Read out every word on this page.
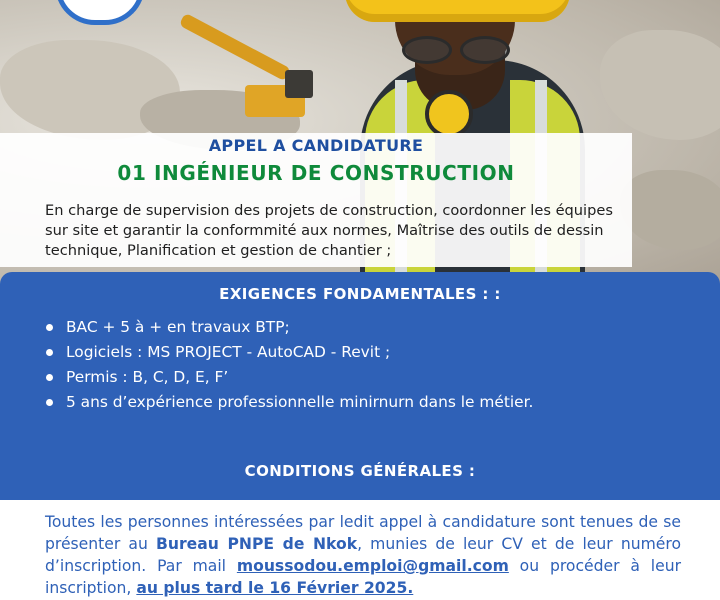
APPEL A CANDIDATURE
01 INGÉNIEUR DE CONSTRUCTION
En charge de supervision des projets de construction, coordonner les équipes sur site et garantir la conformmité aux normes, Maîtrise des outils de dessin technique, Planification et gestion de chantier ;
EXIGENCES FONDAMENTALES : :
BAC + 5 à + en travaux BTP;
Logiciels : MS PROJECT - AutoCAD - Revit ;
Permis : B, C, D, E, F’
5 ans d’expérience professionnelle minirnurn dans le métier.
CONDITIONS GÉNÉRALES :
Toutes les personnes intéressées par ledit appel à candidature sont tenues de se présenter au Bureau PNPE de Nkok, munies de leur CV et de leur numéro d’inscription. Par mail moussodou.emploi@gmail.com ou procéder à leur inscription, au plus tard le 16 Février 2025.
